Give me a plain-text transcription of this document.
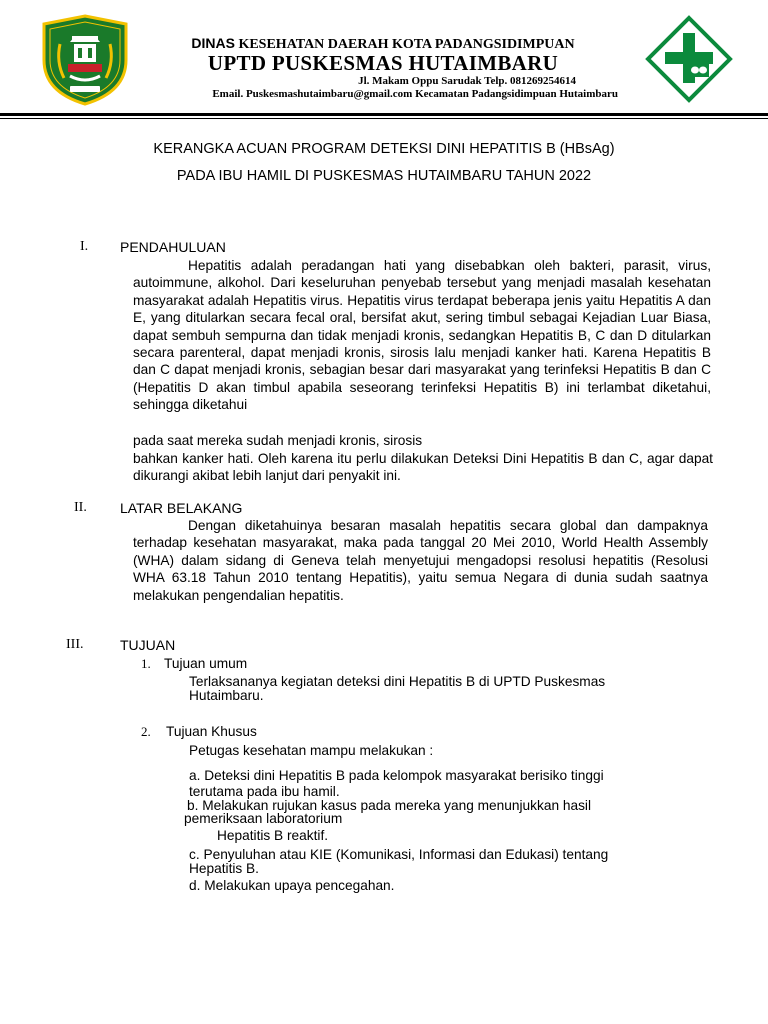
DINAS KESEHATAN DAERAH KOTA PADANGSIDIMPUAN
UPTD PUSKESMAS HUTAIMBARU
Jl. Makam Oppu Sarudak Telp. 081269254614
Email. Puskesmashutaimbaru@gmail.com Kecamatan Padangsidimpuan Hutaimbaru
KERANGKA ACUAN PROGRAM DETEKSI DINI HEPATITIS B (HBsAg)
PADA IBU HAMIL DI PUSKESMAS HUTAIMBARU TAHUN 2022
I. PENDAHULUAN
Hepatitis adalah peradangan hati yang disebabkan oleh bakteri, parasit, virus, autoimmune, alkohol. Dari keseluruhan penyebab tersebut yang menjadi masalah kesehatan masyarakat adalah Hepatitis virus. Hepatitis virus terdapat beberapa jenis yaitu Hepatitis A dan E, yang ditularkan secara fecal oral, bersifat akut, sering timbul sebagai Kejadian Luar Biasa, dapat sembuh sempurna dan tidak menjadi kronis, sedangkan Hepatitis B, C dan D ditularkan secara parenteral, dapat menjadi kronis, sirosis lalu menjadi kanker hati. Karena Hepatitis B dan C dapat menjadi kronis, sebagian besar dari masyarakat yang terinfeksi Hepatitis B dan C (Hepatitis D akan timbul apabila seseorang terinfeksi Hepatitis B) ini terlambat diketahui, sehingga diketahui
pada saat mereka sudah menjadi kronis, sirosis
bahkan kanker hati. Oleh karena itu perlu dilakukan Deteksi Dini Hepatitis B dan C, agar dapat dikurangi akibat lebih lanjut dari penyakit ini.
II. LATAR BELAKANG
Dengan diketahuinya besaran masalah hepatitis secara global dan dampaknya terhadap kesehatan masyarakat, maka pada tanggal 20 Mei 2010, World Health Assembly (WHA) dalam sidang di Geneva telah menyetujui mengadopsi resolusi hepatitis (Resolusi WHA 63.18 Tahun 2010 tentang Hepatitis), yaitu semua Negara di dunia sudah saatnya melakukan pengendalian hepatitis.
III.	TUJUAN
1. Tujuan umum
Terlaksananya kegiatan deteksi dini Hepatitis B di UPTD Puskesmas
Hutaimbaru.
2. Tujuan Khusus
Petugas kesehatan mampu melakukan :
a. Deteksi dini Hepatitis B pada kelompok masyarakat berisiko tinggi
terutama pada ibu hamil.
b. Melakukan rujukan kasus pada mereka yang menunjukkan hasil
pemeriksaan laboratorium
Hepatitis B reaktif.
c. Penyuluhan atau KIE (Komunikasi, Informasi dan Edukasi) tentang
Hepatitis B.
d. Melakukan upaya pencegahan.
